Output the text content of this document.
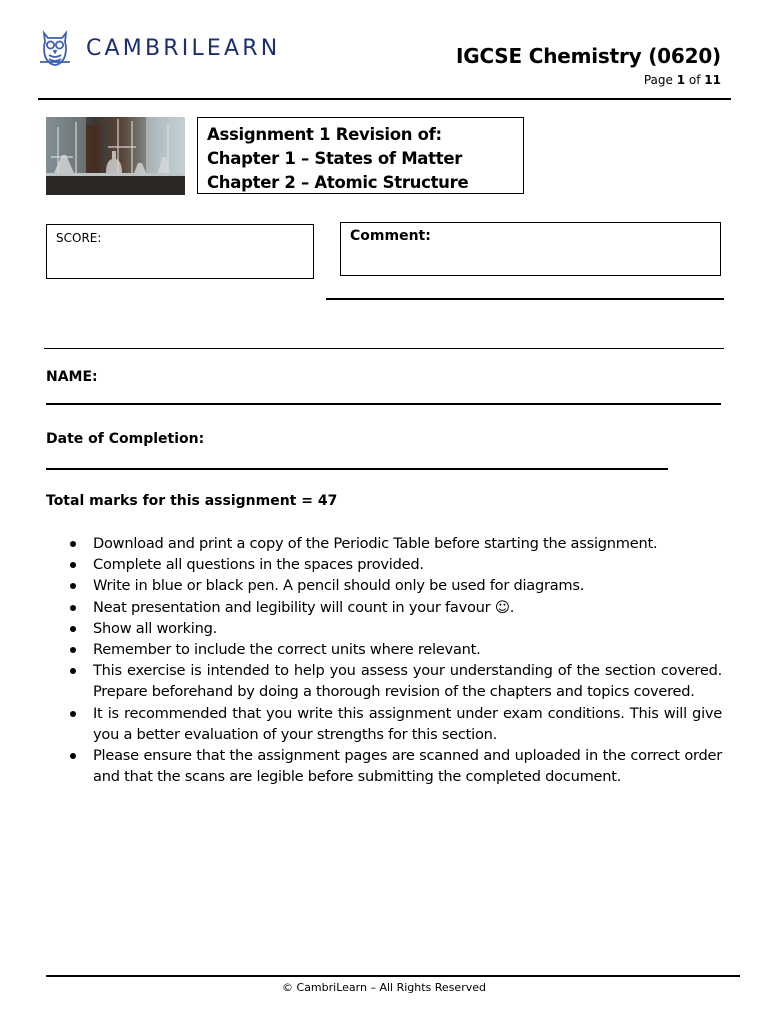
CAMBRILEARN	IGCSE Chemistry (0620)
Page 1 of 11
Assignment 1 Revision of:
Chapter 1 – States of Matter
Chapter 2 – Atomic Structure
SCORE:	Comment:
NAME:
Date of Completion:
Total marks for this assignment = 47
Download and print a copy of the Periodic Table before starting the assignment.
Complete all questions in the spaces provided.
Write in blue or black pen. A pencil should only be used for diagrams.
Neat presentation and legibility will count in your favour ☺.
Show all working.
Remember to include the correct units where relevant.
This exercise is intended to help you assess your understanding of the section covered. Prepare beforehand by doing a thorough revision of the chapters and topics covered.
It is recommended that you write this assignment under exam conditions. This will give you a better evaluation of your strengths for this section.
Please ensure that the assignment pages are scanned and uploaded in the correct order and that the scans are legible before submitting the completed document.
© CambriLearn – All Rights Reserved
